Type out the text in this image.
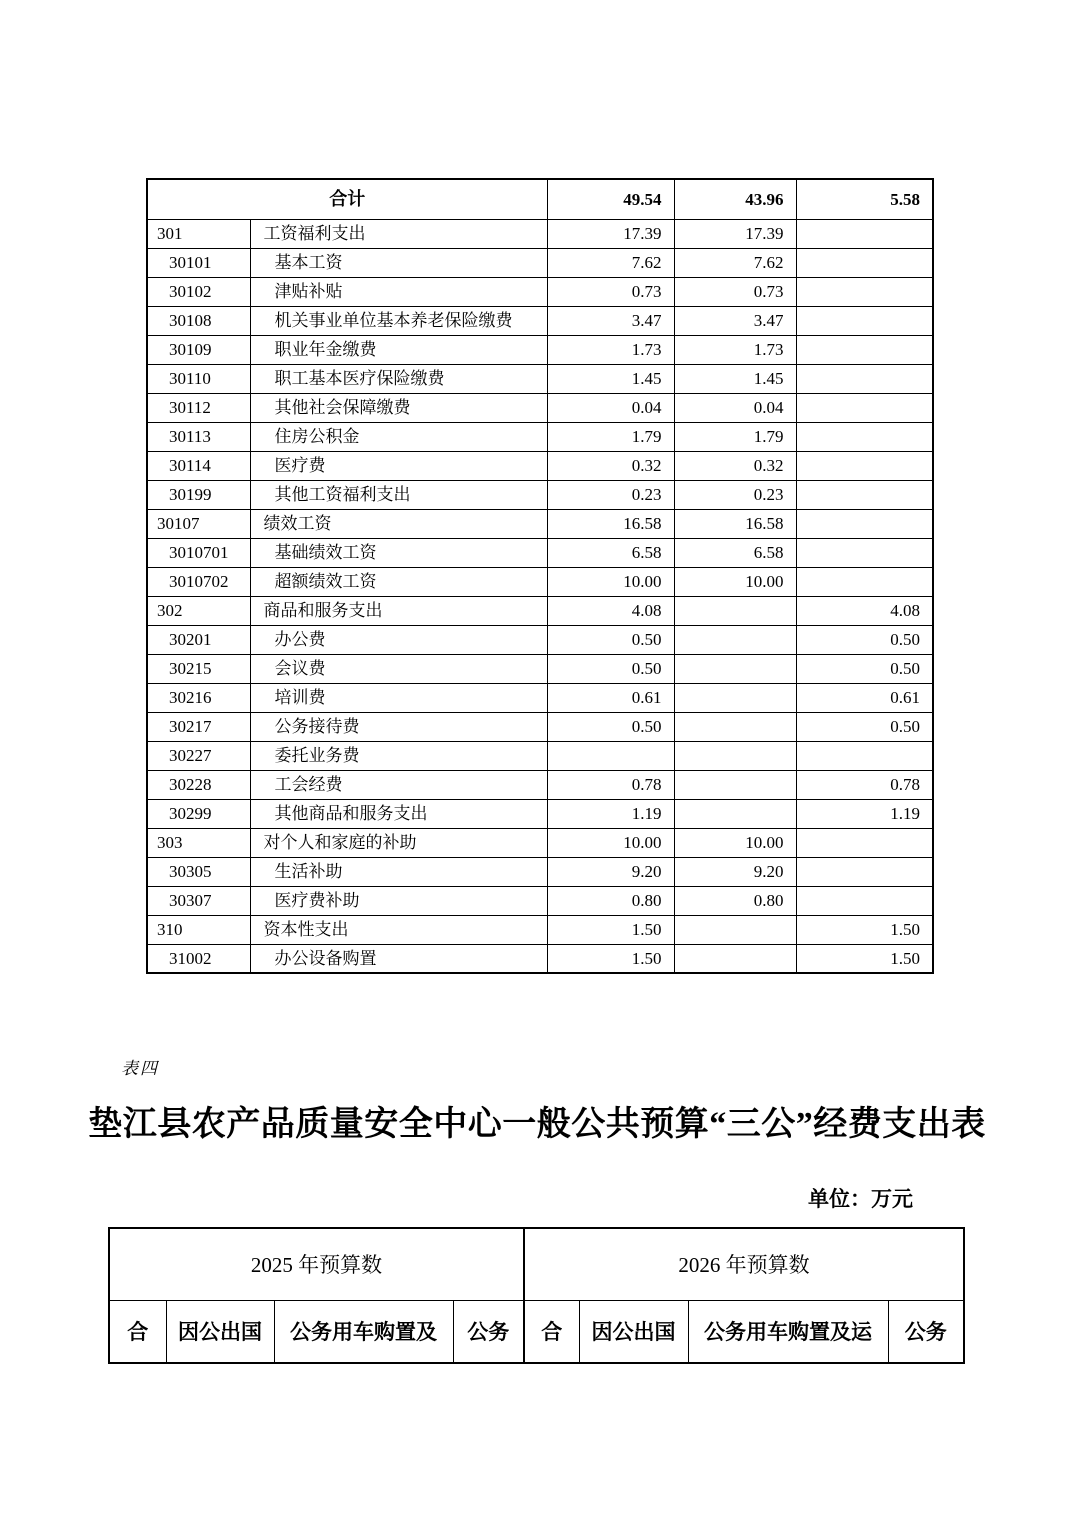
合计		49.54	43.96	5.58
301	工资福利支出	17.39	17.39	
30101	基本工资	7.62	7.62	
30102	津贴补贴	0.73	0.73	
30108	机关事业单位基本养老保险缴费	3.47	3.47	
30109	职业年金缴费	1.73	1.73	
30110	职工基本医疗保险缴费	1.45	1.45	
30112	其他社会保障缴费	0.04	0.04	
30113	住房公积金	1.79	1.79	
30114	医疗费	0.32	0.32	
30199	其他工资福利支出	0.23	0.23	
30107	绩效工资	16.58	16.58	
3010701	基础绩效工资	6.58	6.58	
3010702	超额绩效工资	10.00	10.00	
302	商品和服务支出	4.08		4.08
30201	办公费	0.50		0.50
30215	会议费	0.50		0.50
30216	培训费	0.61		0.61
30217	公务接待费	0.50		0.50
30227	委托业务费			
30228	工会经费	0.78		0.78
30299	其他商品和服务支出	1.19		1.19
303	对个人和家庭的补助	10.00	10.00	
30305	生活补助	9.20	9.20	
30307	医疗费补助	0.80	0.80	
310	资本性支出	1.50		1.50
31002	办公设备购置	1.50		1.50
表四
垫江县农产品质量安全中心一般公共预算“三公”经费支出表
单位：万元
2025 年预算数				2026 年预算数			
合	因公出国	公务用车购置及	公务	合	因公出国	公务用车购置及运	公务
